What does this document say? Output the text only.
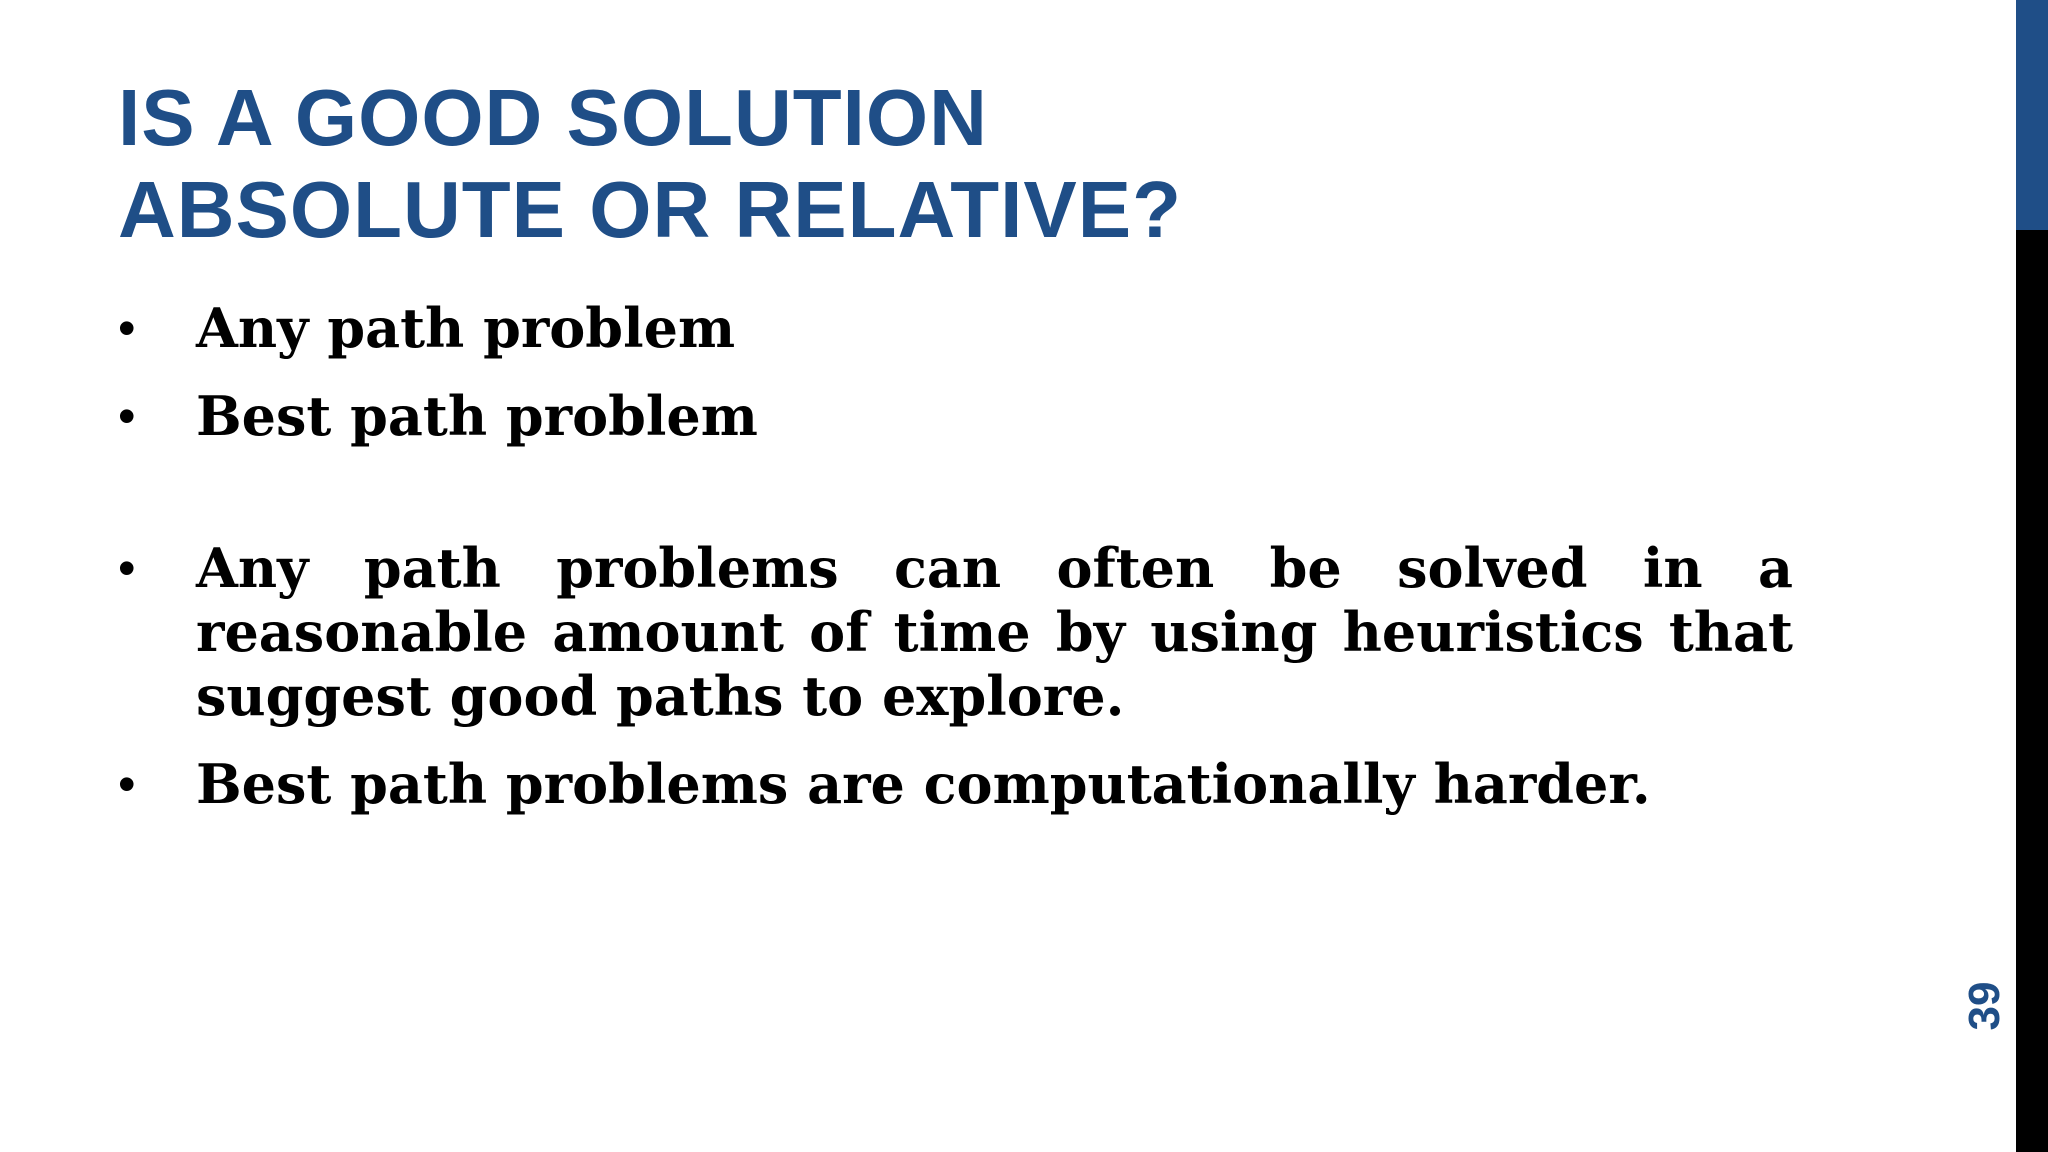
IS A GOOD SOLUTION
ABSOLUTE OR RELATIVE?
• Any path problem
• Best path problem
• Any path problems can often be solved in a reasonable amount of time by using heuristics that suggest good paths to explore.
• Best path problems are computationally harder.
39
